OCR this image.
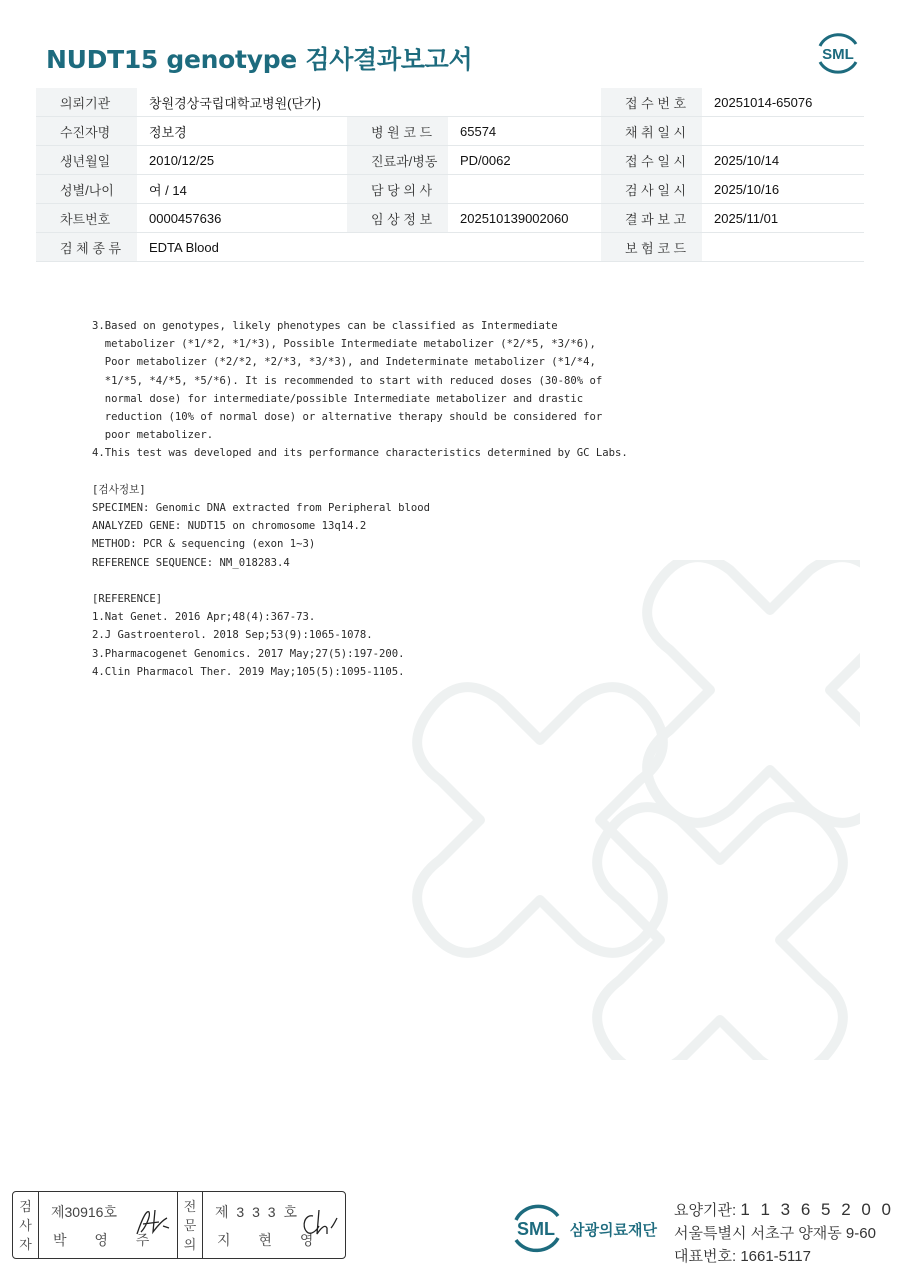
NUDT15 genotype 검사결과보고서	SML
의뢰기관	창원경상국립대학교병원(단가)			접 수 번 호	20251014-65076
수진자명	정보경	병 원 코 드	65574	채 취 일 시	
생년월일	2010/12/25	진료과/병동	PD/0062	접 수 일 시	2025/10/14
성별/나이	여 / 14	담 당 의 사		검 사 일 시	2025/10/16
차트번호	0000457636	임 상 정 보	202510139002060	결 과 보 고	2025/11/01
검 체 종 류	EDTA Blood			보 험 코 드	
3.Based on genotypes, likely phenotypes can be classified as Intermediate
metabolizer (*1/*2, *1/*3), Possible Intermediate metabolizer (*2/*5, *3/*6),
Poor metabolizer (*2/*2, *2/*3, *3/*3), and Indeterminate metabolizer (*1/*4,
*1/*5, *4/*5, *5/*6). It is recommended to start with reduced doses (30-80% of
normal dose) for intermediate/possible Intermediate metabolizer and drastic
reduction (10% of normal dose) or alternative therapy should be considered for
poor metabolizer.
4.This test was developed and its performance characteristics determined by GC Labs.

[검사정보]
SPECIMEN: Genomic DNA extracted from Peripheral blood
ANALYZED GENE: NUDT15 on chromosome 13q14.2
METHOD: PCR & sequencing (exon 1~3)
REFERENCE SEQUENCE: NM_018283.4

[REFERENCE]
1.Nat Genet. 2016 Apr;48(4):367-73.
2.J Gastroenterol. 2018 Sep;53(9):1065-1078.
3.Pharmacogenet Genomics. 2017 May;27(5):197-200.
4.Clin Pharmacol Ther. 2019 May;105(5):1095-1105.
검
사
자
제30916호
박 영 주
전
문
의
제 3 3 3 호
지 현 영
SML 삼광의료재단
요양기관: 1 1 3 6 5 2 0 0
서울특별시 서초구 양재동 9-60
대표번호: 1661-5117
